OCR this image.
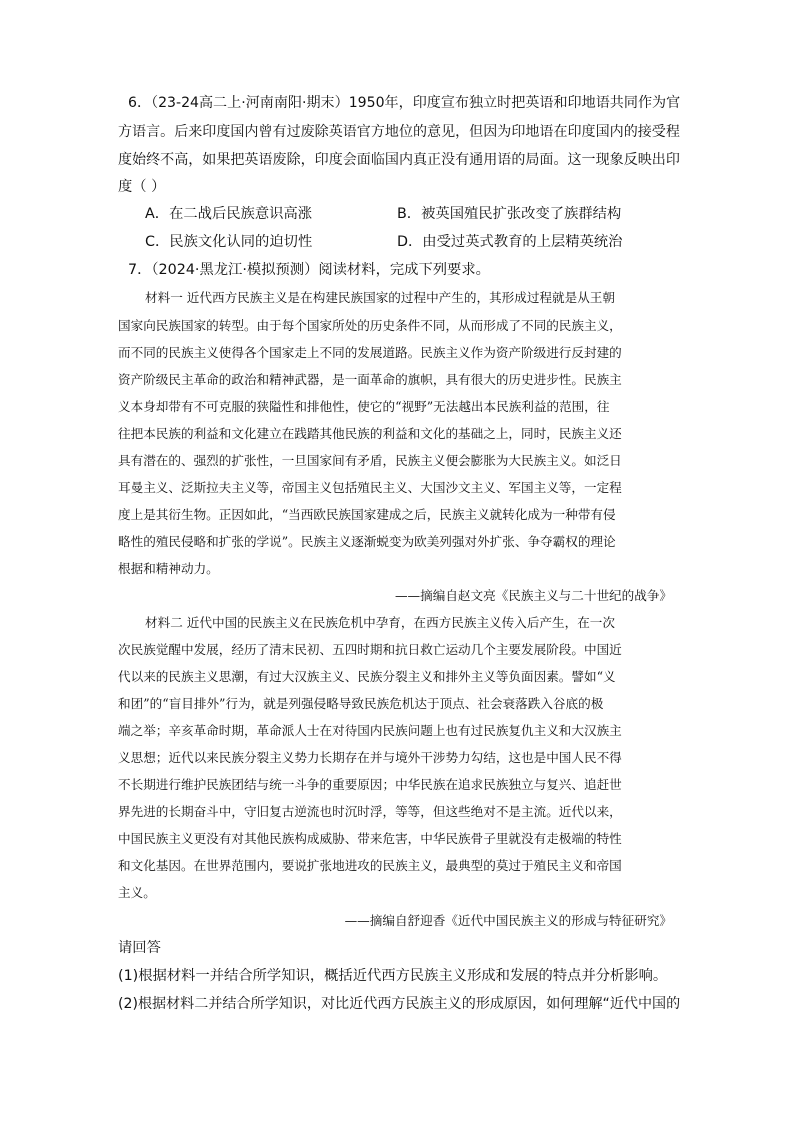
6．（23-24高二上·河南南阳·期末）1950年，印度宣布独立时把英语和印地语共同作为官
方语言。后来印度国内曾有过废除英语官方地位的意见，但因为印地语在印度国内的接受程
度始终不高，如果把英语废除，印度会面临国内真正没有通用语的局面。这一现象反映出印
度（ ）
A．在二战后民族意识高涨	B．被英国殖民扩张改变了族群结构
C．民族文化认同的迫切性	D．由受过英式教育的上层精英统治
7．（2024·黑龙江·模拟预测）阅读材料，完成下列要求。
材料一 近代西方民族主义是在构建民族国家的过程中产生的，其形成过程就是从王朝
国家向民族国家的转型。由于每个国家所处的历史条件不同，从而形成了不同的民族主义，
而不同的民族主义使得各个国家走上不同的发展道路。民族主义作为资产阶级进行反封建的
资产阶级民主革命的政治和精神武器，是一面革命的旗帜，具有很大的历史进步性。民族主
义本身却带有不可克服的狭隘性和排他性，使它的“视野”无法越出本民族利益的范围，往
往把本民族的利益和文化建立在践踏其他民族的利益和文化的基础之上，同时，民族主义还
具有潜在的、强烈的扩张性，一旦国家间有矛盾，民族主义便会膨胀为大民族主义。如泛日
耳曼主义、泛斯拉夫主义等，帝国主义包括殖民主义、大国沙文主义、军国主义等，一定程
度上是其衍生物。正因如此，“当西欧民族国家建成之后，民族主义就转化成为一种带有侵
略性的殖民侵略和扩张的学说”。民族主义逐渐蜕变为欧美列强对外扩张、争夺霸权的理论
根据和精神动力。
——摘编自赵文亮《民族主义与二十世纪的战争》
材料二 近代中国的民族主义在民族危机中孕育，在西方民族主义传入后产生，在一次
次民族觉醒中发展，经历了清末民初、五四时期和抗日救亡运动几个主要发展阶段。中国近
代以来的民族主义思潮，有过大汉族主义、民族分裂主义和排外主义等负面因素。譬如“义
和团”的“盲目排外”行为，就是列强侵略导致民族危机达于顶点、社会衰落跌入谷底的极
端之举；辛亥革命时期，革命派人士在对待国内民族问题上也有过民族复仇主义和大汉族主
义思想；近代以来民族分裂主义势力长期存在并与境外干涉势力勾结，这也是中国人民不得
不长期进行维护民族团结与统一斗争的重要原因；中华民族在追求民族独立与复兴、追赶世
界先进的长期奋斗中，守旧复古逆流也时沉时浮，等等，但这些绝对不是主流。近代以来，
中国民族主义更没有对其他民族构成威胁、带来危害，中华民族骨子里就没有走极端的特性
和文化基因。在世界范围内，要说扩张地进攻的民族主义，最典型的莫过于殖民主义和帝国
主义。
——摘编自舒迎香《近代中国民族主义的形成与特征研究》
请回答
(1)根据材料一并结合所学知识，概括近代西方民族主义形成和发展的特点并分析影响。
(2)根据材料二并结合所学知识，对比近代西方民族主义的形成原因，如何理解“近代中国的
